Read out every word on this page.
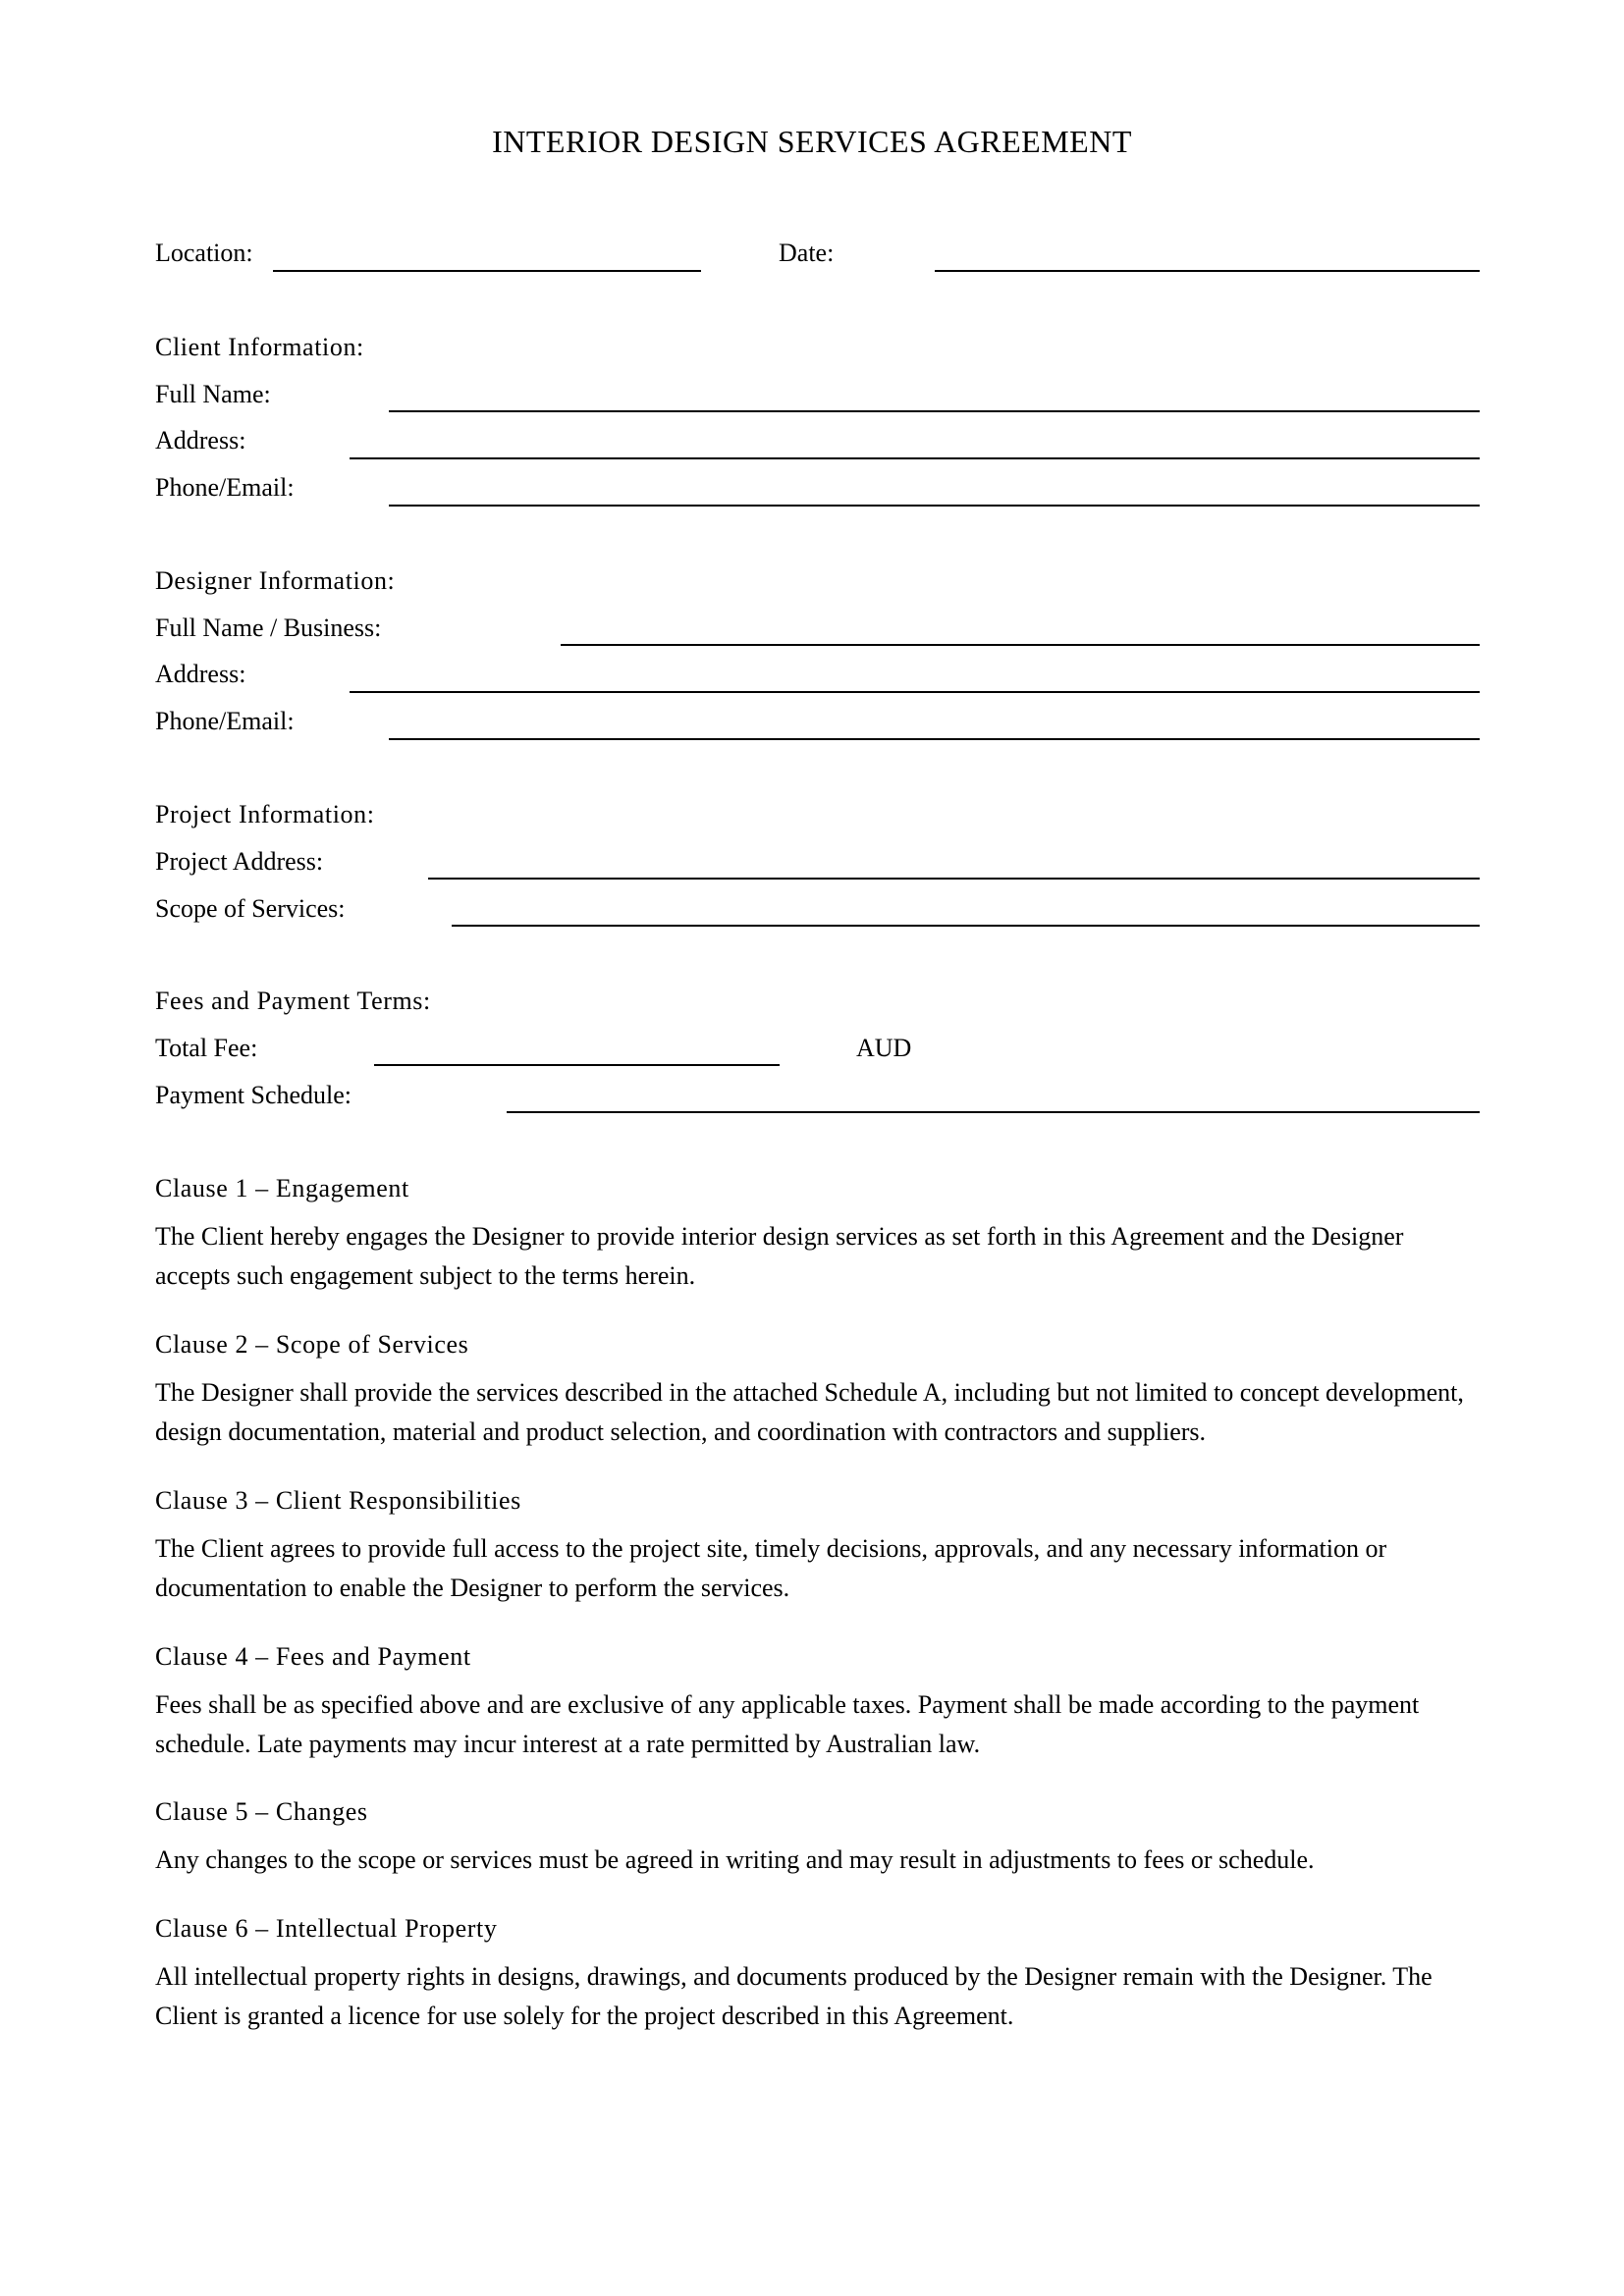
INTERIOR DESIGN SERVICES AGREEMENT
Location:	Date:
Client Information:
Full Name:
Address:
Phone/Email:
Designer Information:
Full Name / Business:
Address:
Phone/Email:
Project Information:
Project Address:
Scope of Services:
Fees and Payment Terms:
Total Fee:	AUD
Payment Schedule:
Clause 1 – Engagement
The Client hereby engages the Designer to provide interior design services as set forth in this Agreement and the Designer accepts such engagement subject to the terms herein.
Clause 2 – Scope of Services
The Designer shall provide the services described in the attached Schedule A, including but not limited to concept development, design documentation, material and product selection, and coordination with contractors and suppliers.
Clause 3 – Client Responsibilities
The Client agrees to provide full access to the project site, timely decisions, approvals, and any necessary information or documentation to enable the Designer to perform the services.
Clause 4 – Fees and Payment
Fees shall be as specified above and are exclusive of any applicable taxes. Payment shall be made according to the payment schedule. Late payments may incur interest at a rate permitted by Australian law.
Clause 5 – Changes
Any changes to the scope or services must be agreed in writing and may result in adjustments to fees or schedule.
Clause 6 – Intellectual Property
All intellectual property rights in designs, drawings, and documents produced by the Designer remain with the Designer. The Client is granted a licence for use solely for the project described in this Agreement.
